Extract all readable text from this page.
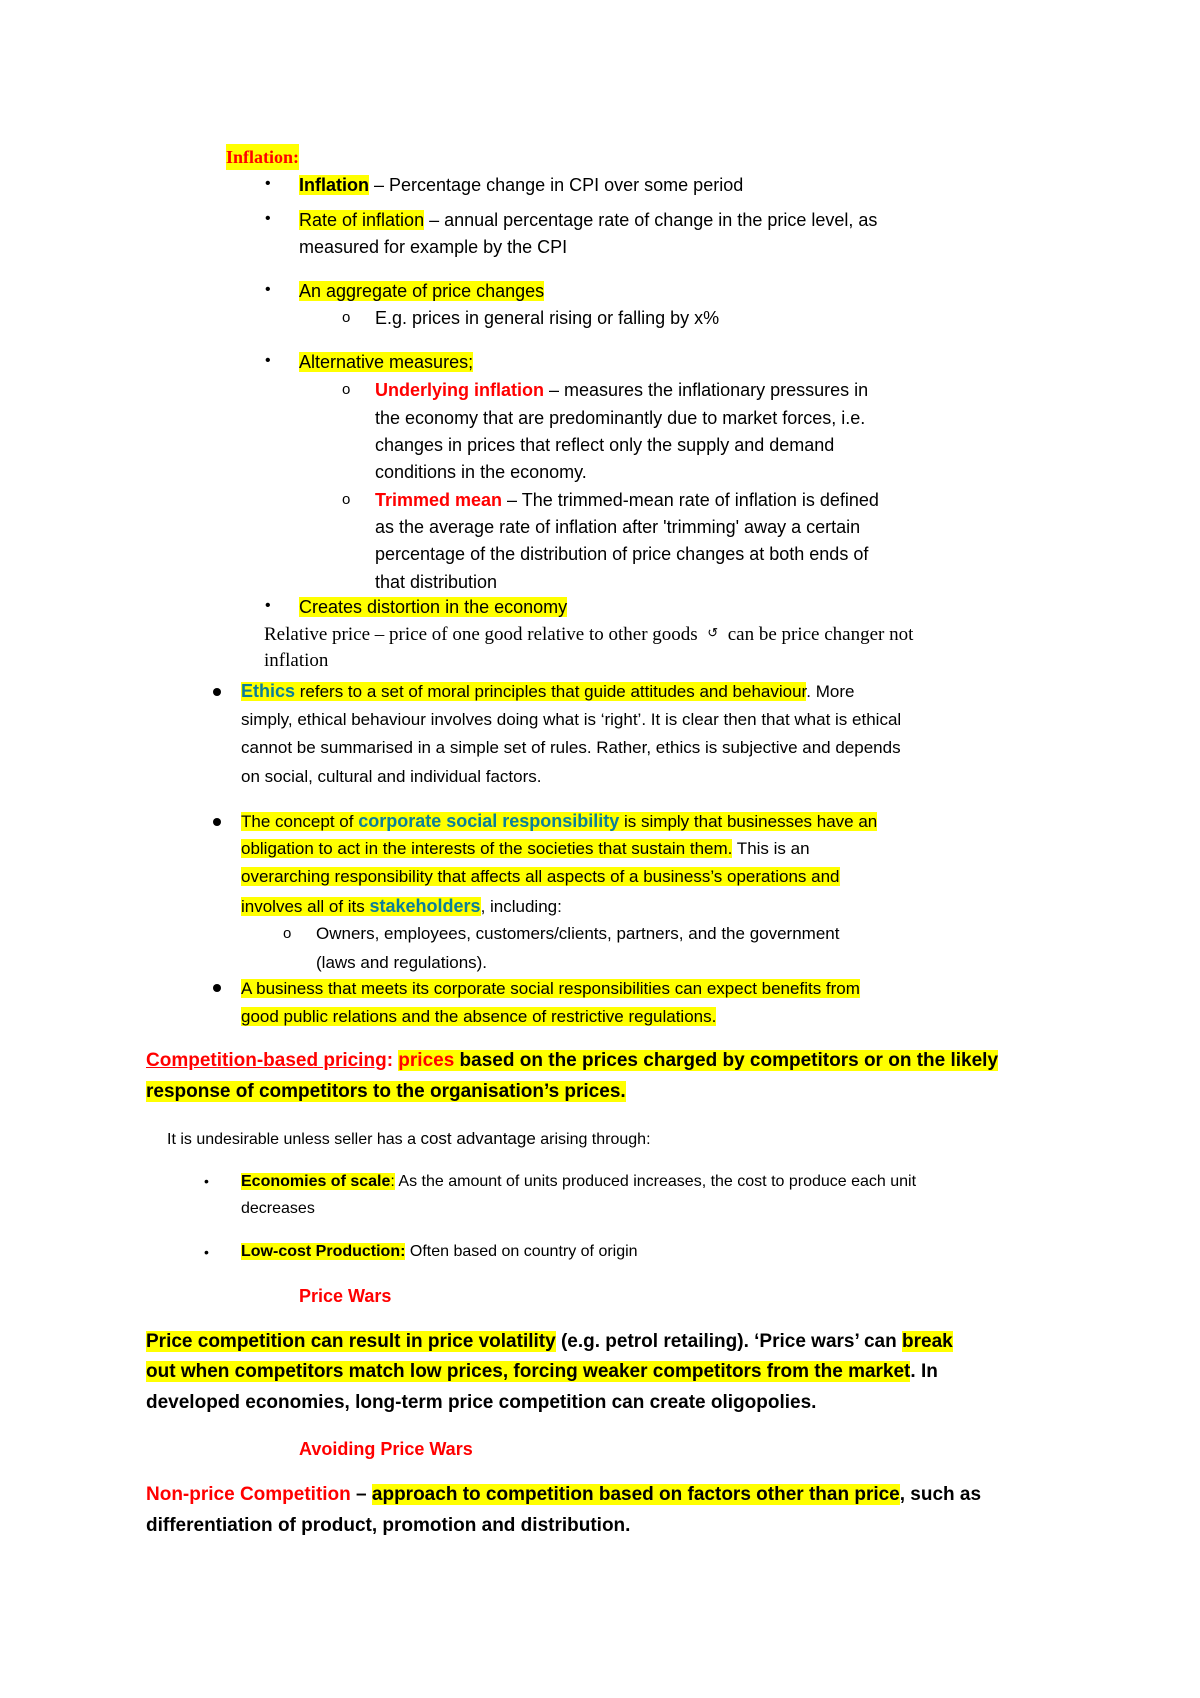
Inflation:
• Inflation – Percentage change in CPI over some period
• Rate of inflation – annual percentage rate of change in the price level, as
measured for example by the CPI
• An aggregate of price changes
o E.g. prices in general rising or falling by x%
• Alternative measures;
o Underlying inflation – measures the inflationary pressures in
the economy that are predominantly due to market forces, i.e.
changes in prices that reflect only the supply and demand
conditions in the economy.
o Trimmed mean – The trimmed-mean rate of inflation is defined
as the average rate of inflation after 'trimming' away a certain
percentage of the distribution of price changes at both ends of
that distribution
• Creates distortion in the economy
Relative price – price of one good relative to other goods ↺ can be price changer not
inflation
Ethics refers to a set of moral principles that guide attitudes and behaviour. More
simply, ethical behaviour involves doing what is ‘right’. It is clear then that what is ethical
cannot be summarised in a simple set of rules. Rather, ethics is subjective and depends
on social, cultural and individual factors.
The concept of corporate social responsibility is simply that businesses have an
obligation to act in the interests of the societies that sustain them. This is an
overarching responsibility that affects all aspects of a business’s operations and
involves all of its stakeholders, including:
o Owners, employees, customers/clients, partners, and the government
(laws and regulations).
A business that meets its corporate social responsibilities can expect benefits from
good public relations and the absence of restrictive regulations.
Competition-based pricing: prices based on the prices charged by competitors or on the likely
response of competitors to the organisation’s prices.
It is undesirable unless seller has a cost advantage arising through:
• Economies of scale: As the amount of units produced increases, the cost to produce each unit
decreases
• Low-cost Production: Often based on country of origin
Price Wars
Price competition can result in price volatility (e.g. petrol retailing). ‘Price wars’ can break
out when competitors match low prices, forcing weaker competitors from the market. In
developed economies, long-term price competition can create oligopolies.
Avoiding Price Wars
Non-price Competition – approach to competition based on factors other than price, such as
differentiation of product, promotion and distribution.
